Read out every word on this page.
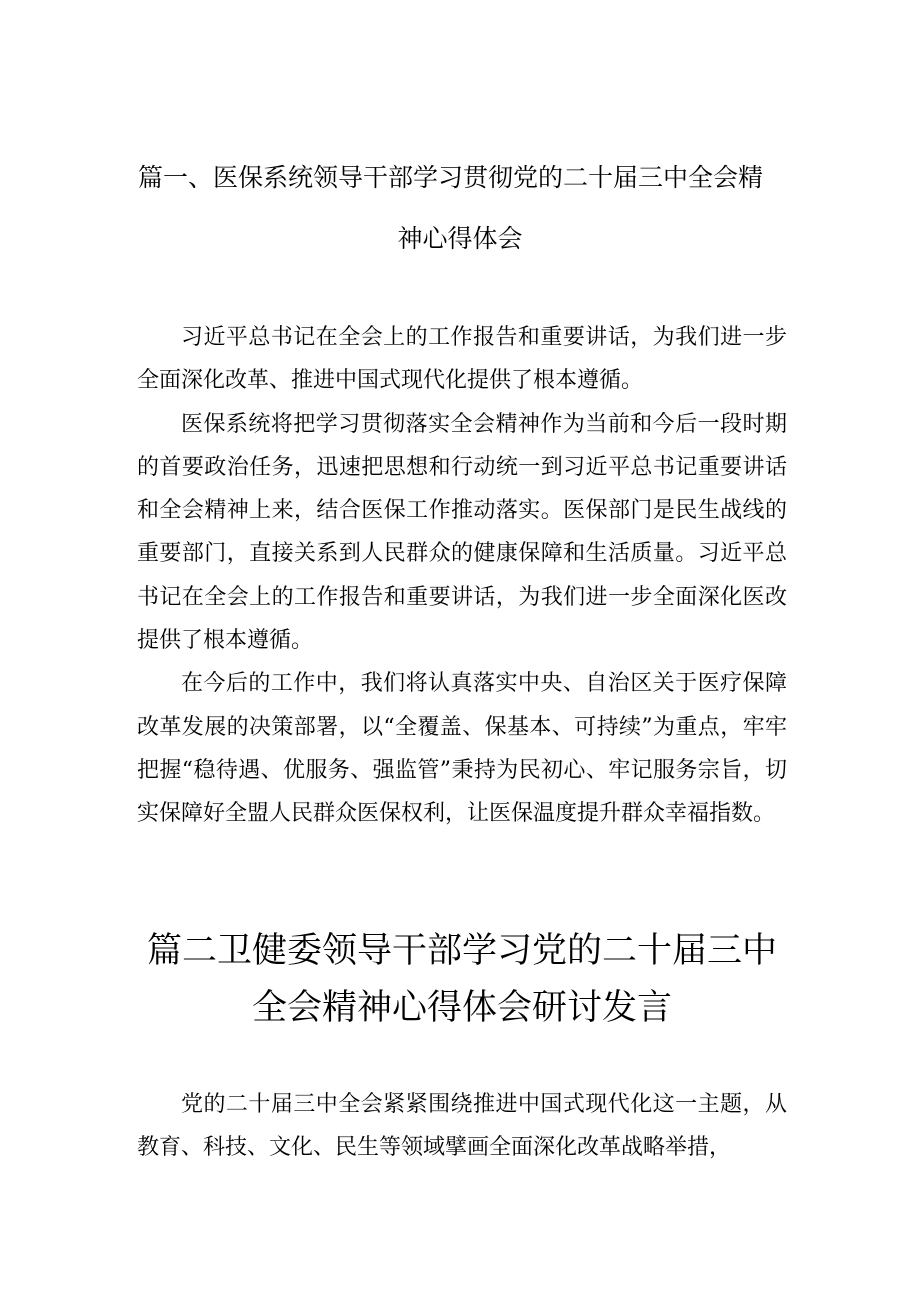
篇一、医保系统领导干部学习贯彻党的二十届三中全会精
神心得体会

习近平总书记在全会上的工作报告和重要讲话，为我们进一步全面深化改革、推进中国式现代化提供了根本遵循。

医保系统将把学习贯彻落实全会精神作为当前和今后一段时期的首要政治任务，迅速把思想和行动统一到习近平总书记重要讲话和全会精神上来，结合医保工作推动落实。医保部门是民生战线的重要部门，直接关系到人民群众的健康保障和生活质量。习近平总书记在全会上的工作报告和重要讲话，为我们进一步全面深化医改提供了根本遵循。

在今后的工作中，我们将认真落实中央、自治区关于医疗保障改革发展的决策部署，以“全覆盖、保基本、可持续”为重点，牢牢把握“稳待遇、优服务、强监管”秉持为民初心、牢记服务宗旨，切实保障好全盟人民群众医保权利，让医保温度提升群众幸福指数。

篇二卫健委领导干部学习党的二十届三中
全会精神心得体会研讨发言

党的二十届三中全会紧紧围绕推进中国式现代化这一主题，从教育、科技、文化、民生等领域擘画全面深化改革战略举措，
